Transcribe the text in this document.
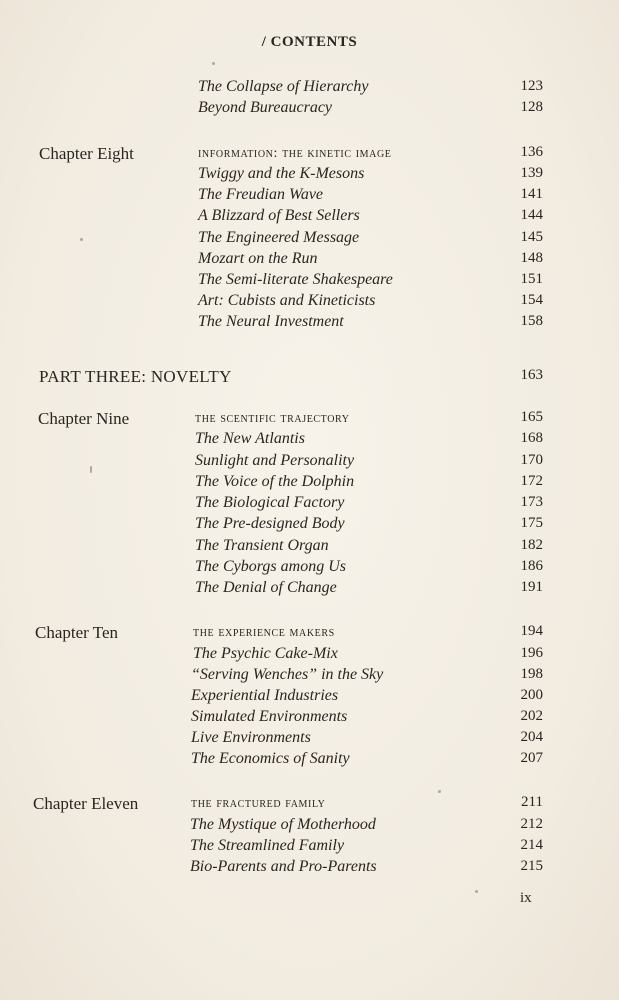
/ CONTENTS
The Collapse of Hierarchy	123
Beyond Bureaucracy	128
Chapter Eight	information: the kinetic image	136
Twiggy and the K-Mesons	139
The Freudian Wave	141
A Blizzard of Best Sellers	144
The Engineered Message	145
Mozart on the Run	148
The Semi-literate Shakespeare	151
Art: Cubists and Kineticists	154
The Neural Investment	158
PART THREE: NOVELTY	163
Chapter Nine	the scentific trajectory	165
The New Atlantis	168
Sunlight and Personality	170
The Voice of the Dolphin	172
The Biological Factory	173
The Pre-designed Body	175
The Transient Organ	182
The Cyborgs among Us	186
The Denial of Change	191
Chapter Ten	the experience makers	194
The Psychic Cake-Mix	196
“Serving Wenches” in the Sky	198
Experiential Industries	200
Simulated Environments	202
Live Environments	204
The Economics of Sanity	207
Chapter Eleven	the fractured family	211
The Mystique of Motherhood	212
The Streamlined Family	214
Bio-Parents and Pro-Parents	215
ix
